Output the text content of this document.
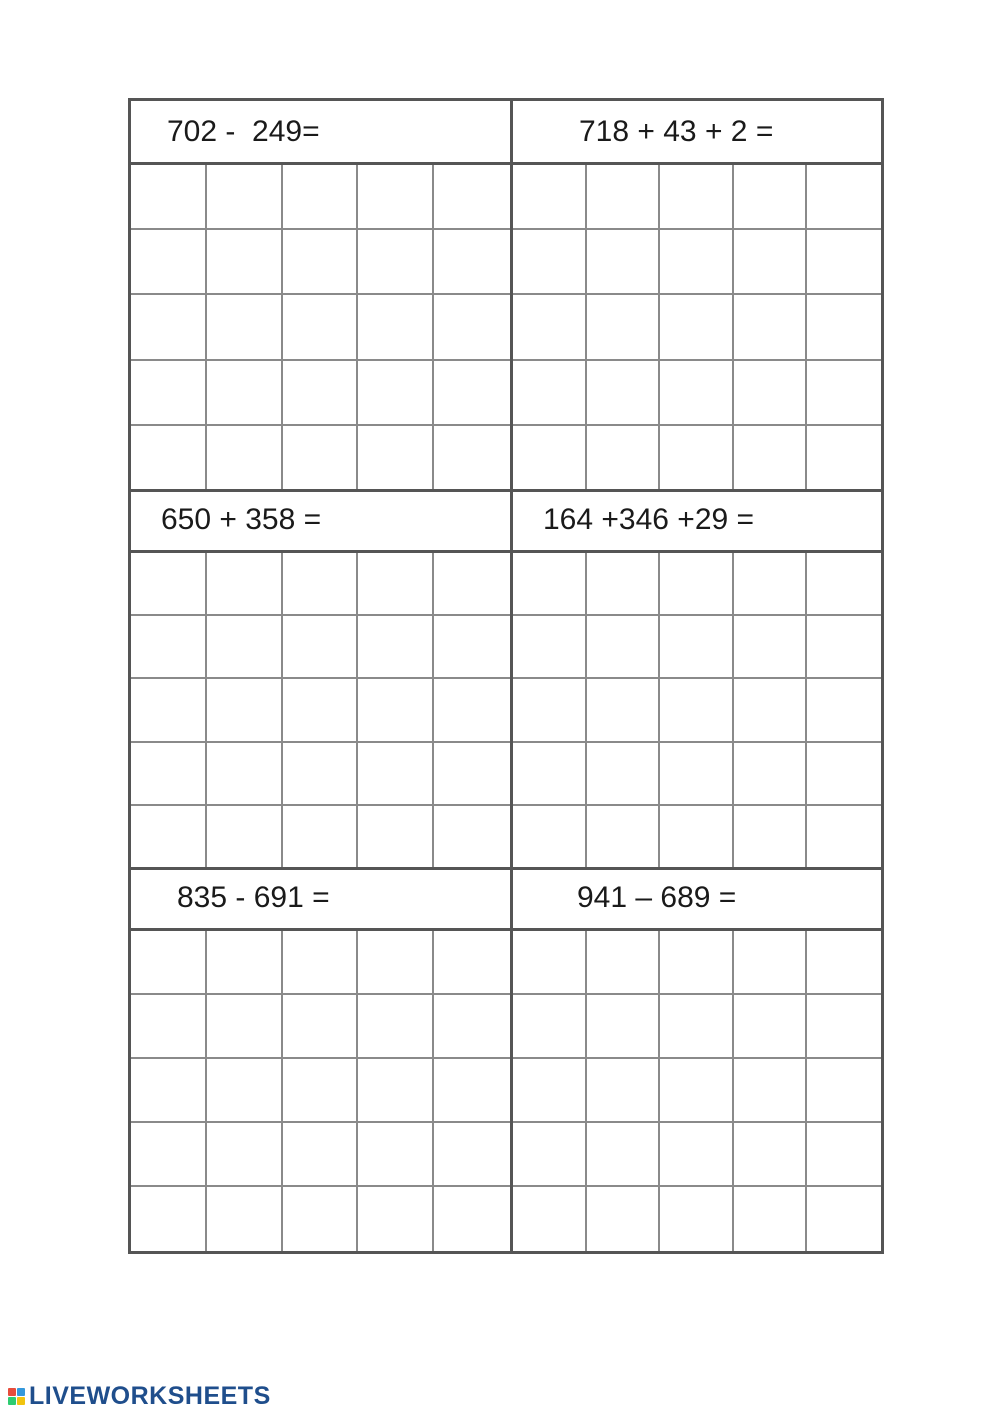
702 -  249=	718 + 43 + 2 =
650 + 358 =	164 +346 +29 =
835 - 691 =	941 – 689 =
LIVEWORKSHEETS
